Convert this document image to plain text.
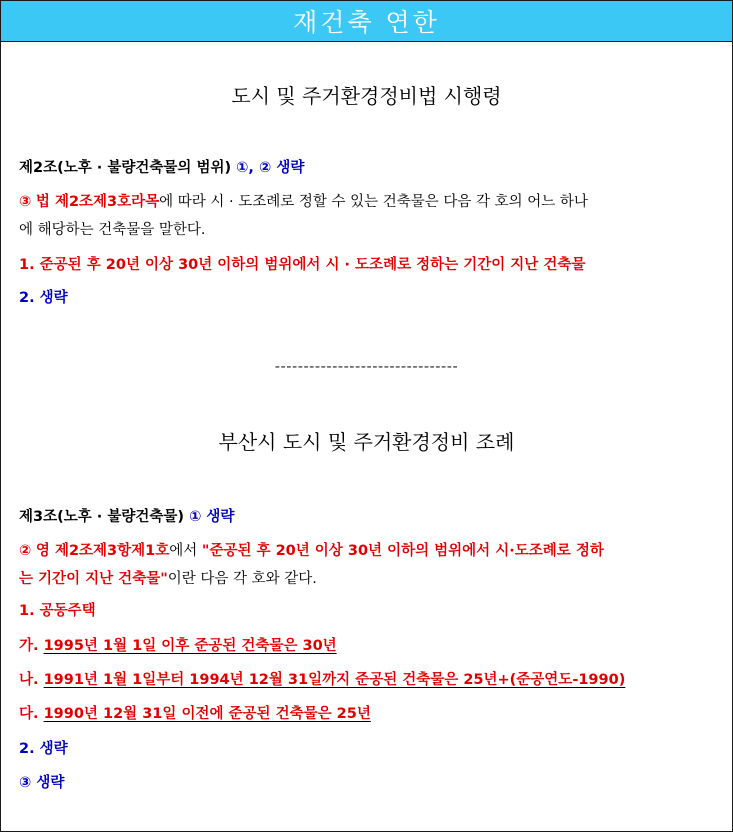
재건축 연한
도시 및 주거환경정비법 시행령
제2조(노후 · 불량건축물의 범위) ①, ② 생략
③ 법 제2조제3호라목에 따라 시 · 도조례로 정할 수 있는 건축물은 다음 각 호의 어느 하나
에 해당하는 건축물을 말한다.
1. 준공된 후 20년 이상 30년 이하의 범위에서 시 · 도조례로 정하는 기간이 지난 건축물
2. 생략
--------------------------------
부산시 도시 및 주거환경정비 조례
제3조(노후 · 불량건축물) ① 생략
② 영 제2조제3항제1호에서 "준공된 후 20년 이상 30년 이하의 범위에서 시·도조례로 정하
는 기간이 지난 건축물"이란 다음 각 호와 같다.
1. 공동주택
가. 1995년 1월 1일 이후 준공된 건축물은 30년
나. 1991년 1월 1일부터 1994년 12월 31일까지 준공된 건축물은 25년+(준공연도-1990)
다. 1990년 12월 31일 이전에 준공된 건축물은 25년
2. 생략
③ 생략
